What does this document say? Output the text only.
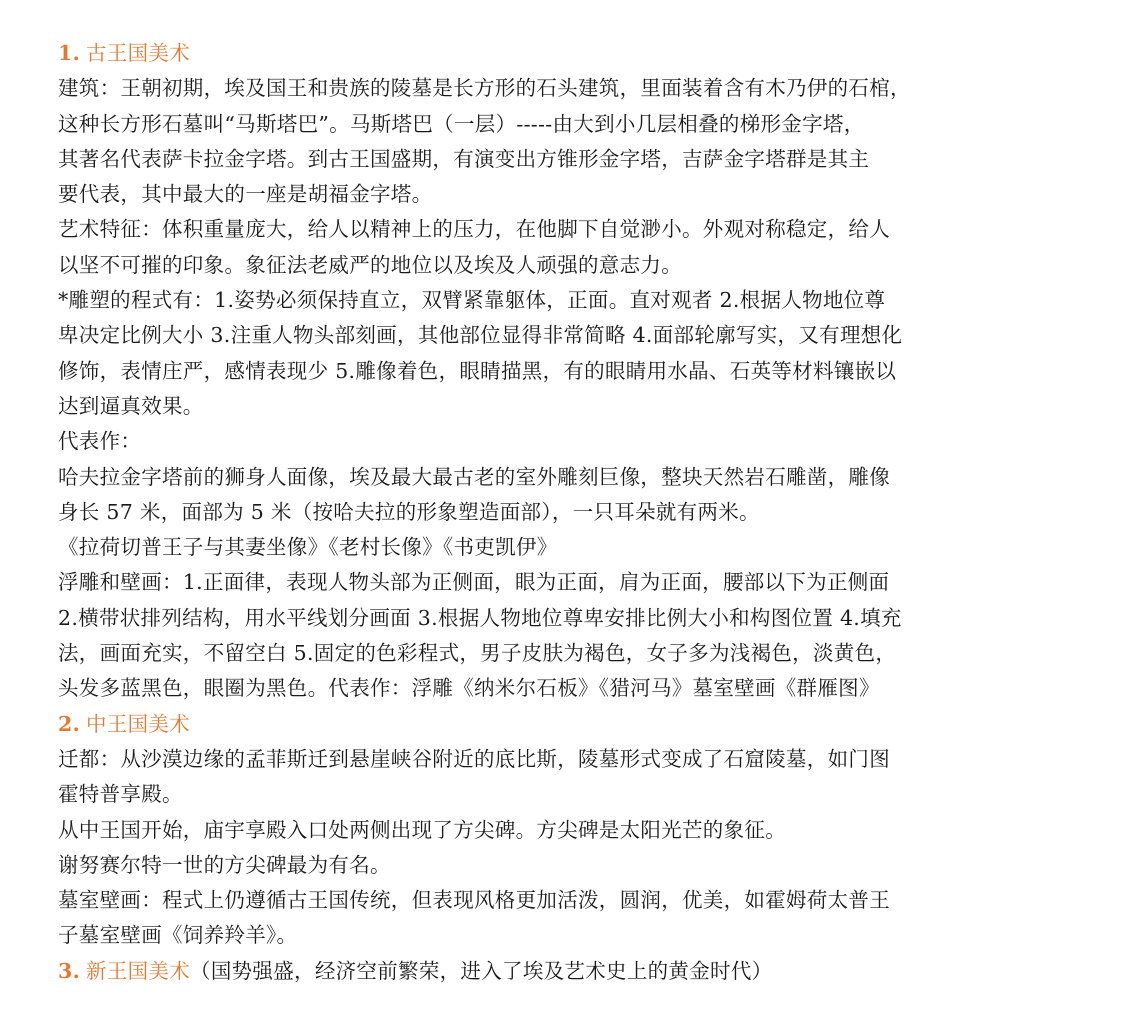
1. 古王国美术
建筑：王朝初期，埃及国王和贵族的陵墓是长方形的石头建筑，里面装着含有木乃伊的石棺，
这种长方形石墓叫“马斯塔巴”。马斯塔巴（一层）-----由大到小几层相叠的梯形金字塔，
其著名代表萨卡拉金字塔。到古王国盛期，有演变出方锥形金字塔，吉萨金字塔群是其主
要代表，其中最大的一座是胡福金字塔。
艺术特征：体积重量庞大，给人以精神上的压力，在他脚下自觉渺小。外观对称稳定，给人
以坚不可摧的印象。象征法老威严的地位以及埃及人顽强的意志力。
*雕塑的程式有：1.姿势必须保持直立，双臂紧靠躯体，正面。直对观者 2.根据人物地位尊
卑决定比例大小 3.注重人物头部刻画，其他部位显得非常简略 4.面部轮廓写实，又有理想化
修饰，表情庄严，感情表现少 5.雕像着色，眼睛描黑，有的眼睛用水晶、石英等材料镶嵌以
达到逼真效果。
代表作：
哈夫拉金字塔前的狮身人面像，埃及最大最古老的室外雕刻巨像，整块天然岩石雕凿，雕像
身长 57 米，面部为 5 米（按哈夫拉的形象塑造面部），一只耳朵就有两米。
《拉荷切普王子与其妻坐像》《老村长像》《书吏凯伊》
浮雕和壁画：1.正面律，表现人物头部为正侧面，眼为正面，肩为正面，腰部以下为正侧面
2.横带状排列结构，用水平线划分画面 3.根据人物地位尊卑安排比例大小和构图位置 4.填充
法，画面充实，不留空白 5.固定的色彩程式，男子皮肤为褐色，女子多为浅褐色，淡黄色，
头发多蓝黑色，眼圈为黑色。代表作：浮雕《纳米尔石板》《猎河马》墓室壁画《群雁图》
2. 中王国美术
迁都：从沙漠边缘的孟菲斯迁到悬崖峡谷附近的底比斯，陵墓形式变成了石窟陵墓，如门图
霍特普享殿。
从中王国开始，庙宇享殿入口处两侧出现了方尖碑。方尖碑是太阳光芒的象征。
谢努赛尔特一世的方尖碑最为有名。
墓室壁画：程式上仍遵循古王国传统，但表现风格更加活泼，圆润，优美，如霍姆荷太普王
子墓室壁画《饲养羚羊》。
3. 新王国美术（国势强盛，经济空前繁荣，进入了埃及艺术史上的黄金时代）
